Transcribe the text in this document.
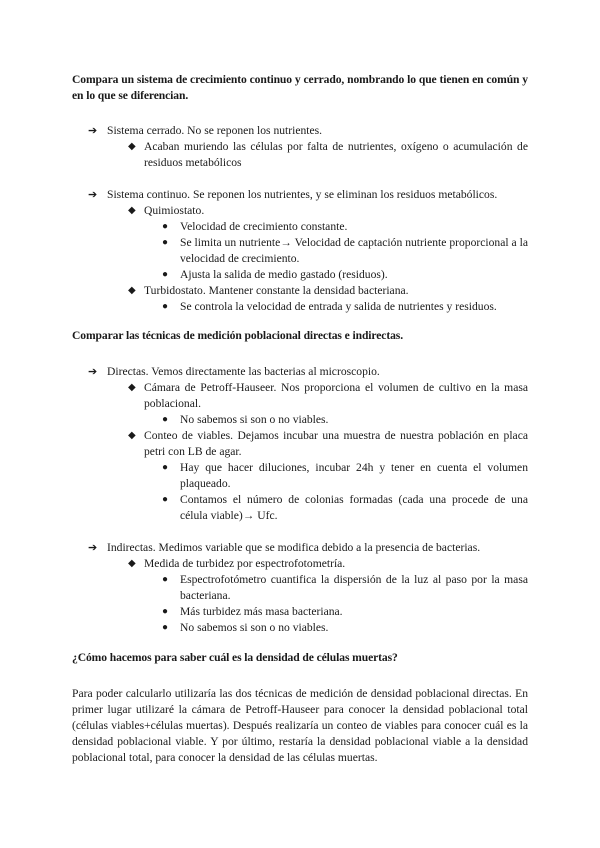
Compara un sistema de crecimiento continuo y cerrado, nombrando lo que tienen en común y en lo que se diferencian.
➔ Sistema cerrado. No se reponen los nutrientes.
◆ Acaban muriendo las células por falta de nutrientes, oxígeno o acumulación de residuos metabólicos
➔ Sistema continuo. Se reponen los nutrientes, y se eliminan los residuos metabólicos.
◆ Quimiostato.
● Velocidad de crecimiento constante.
● Se limita un nutriente→ Velocidad de captación nutriente proporcional a la velocidad de crecimiento.
● Ajusta la salida de medio gastado (residuos).
◆ Turbidostato. Mantener constante la densidad bacteriana.
● Se controla la velocidad de entrada y salida de nutrientes y residuos.
Comparar las técnicas de medición poblacional directas e indirectas.
➔ Directas. Vemos directamente las bacterias al microscopio.
◆ Cámara de Petroff-Hauseer. Nos proporciona el volumen de cultivo en la masa poblacional.
● No sabemos si son o no viables.
◆ Conteo de viables. Dejamos incubar una muestra de nuestra población en placa petri con LB de agar.
● Hay que hacer diluciones, incubar 24h y tener en cuenta el volumen plaqueado.
● Contamos el número de colonias formadas (cada una procede de una célula viable)→ Ufc.
➔ Indirectas. Medimos variable que se modifica debido a la presencia de bacterias.
◆ Medida de turbidez por espectrofotometría.
● Espectrofotómetro cuantifica la dispersión de la luz al paso por la masa bacteriana.
● Más turbidez más masa bacteriana.
● No sabemos si son o no viables.
¿Cómo hacemos para saber cuál es la densidad de células muertas?

Para poder calcularlo utilizaría las dos técnicas de medición de densidad poblacional directas. En primer lugar utilizaré la cámara de Petroff-Hauseer para conocer la densidad poblacional total (células viables+células muertas). Después realizaría un conteo de viables para conocer cuál es la densidad poblacional viable. Y por último, restaría la densidad poblacional viable a la densidad poblacional total, para conocer la densidad de las células muertas.
